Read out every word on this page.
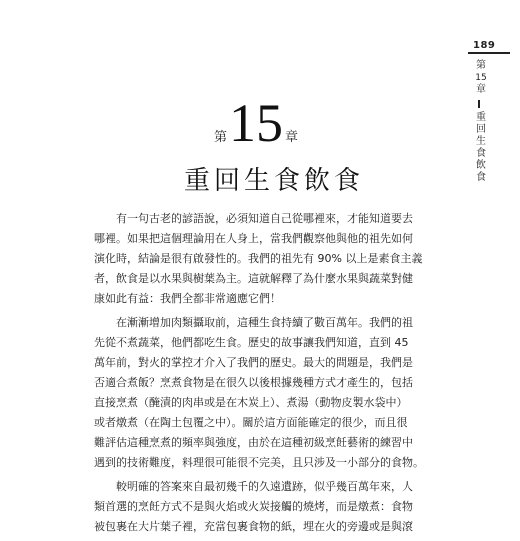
189
第
15
章
重
回
生
食
飲
食
第15 章
重回生食飲食

有一句古老的諺語說，必須知道自己從哪裡來，才能知道要去
哪裡。如果把這個理論用在人身上，當我們觀察他與他的祖先如何
演化時，結論是很有啟發性的。我們的祖先有 90% 以上是素食主義
者，飲食是以水果與樹葉為主。這就解釋了為什麼水果與蔬菜對健
康如此有益：我們全都非常適應它們！

在漸漸增加肉類攝取前，這種生食持續了數百萬年。我們的祖
先從不煮蔬菜，他們都吃生食。歷史的故事讓我們知道，直到 45
萬年前，對火的掌控才介入了我們的歷史。最大的問題是，我們是
否適合煮飯？烹煮食物是在很久以後根據幾種方式才產生的，包括
直接烹煮（醃漬的肉串或是在木炭上）、煮湯（動物皮製水袋中）
或者燉煮（在陶土包覆之中）。關於這方面能確定的很少，而且很
難評估這種烹煮的頻率與強度，由於在這種初級烹飪藝術的練習中
遇到的技術難度，料理很可能很不完美，且只涉及一小部分的食物。

較明確的答案來自最初幾千的久遠遺跡，似乎幾百萬年來，人
類首選的烹飪方式不是與火焰或火炭接觸的燒烤，而是燉煮：食物
被包裹在大片葉子裡，充當包裹食物的紙，埋在火的旁邊或是與滾
